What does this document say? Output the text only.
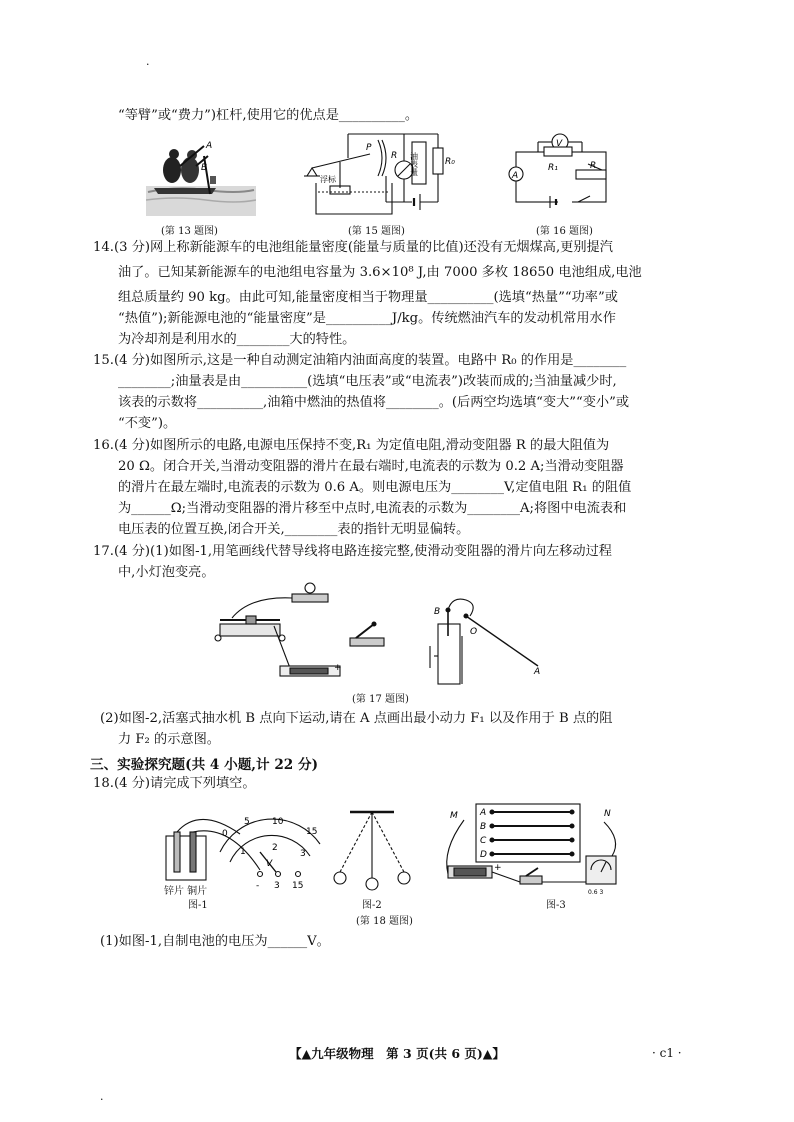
·
·
“等臂”或“费力”)杠杆,使用它的优点是__________。
A
B
(第 13 题图)
P
R
R₀
油表量
浮标
(第 15 题图)
V
A
R₁	R
(第 16 题图)
14.(3 分)网上称新能源车的电池组能量密度(能量与质量的比值)还没有无烟煤高,更别提汽
油了。已知某新能源车的电池组电容量为 3.6×10⁸ J,由 7000 多枚 18650 电池组成,电池
组总质量约 90 kg。由此可知,能量密度相当于物理量__________(选填“热量”“功率”或
“热值”);新能源电池的“能量密度”是__________J/kg。传统燃油汽车的发动机常用水作
为冷却剂是利用水的________大的特性。
15.(4 分)如图所示,这是一种自动测定油箱内油面高度的装置。电路中 R₀ 的作用是________
________;油量表是由__________(选填“电压表”或“电流表”)改装而成的;当油量减少时,
该表的示数将__________,油箱中燃油的热值将________。(后两空均选填“变大”“变小”或
“不变”)。
16.(4 分)如图所示的电路,电源电压保持不变,R₁ 为定值电阻,滑动变阻器 R 的最大阻值为
20 Ω。闭合开关,当滑动变阻器的滑片在最右端时,电流表的示数为 0.2 A;当滑动变阻器
的滑片在最左端时,电流表的示数为 0.6 A。则电源电压为________V,定值电阻 R₁ 的阻值
为______Ω;当滑动变阻器的滑片移至中点时,电流表的示数为________A;将图中电流表和
电压表的位置互换,闭合开关,________表的指针无明显偏转。
17.(4 分)(1)如图-1,用笔画线代替导线将电路连接完整,使滑动变阻器的滑片向左移动过程
中,小灯泡变亮。
+
B
O
A
(第 17 题图)
(2)如图-2,活塞式抽水机 B 点向下运动,请在 A 点画出最小动力 F₁ 以及作用于 B 点的阻
力 F₂ 的示意图。
三、实验探究题(共 4 小题,计 22 分)
18.(4 分)请完成下列填空。
0
5 10
15
1	2
3
V
- 3 15
锌片 铜片
图-1	图-2
A
B
C
D
M	N
+
0.6 3
图-3
(第 18 题图)
(1)如图-1,自制电池的电压为______V。
【▲九年级物理　第 3 页(共 6 页)▲】	· c1 ·
